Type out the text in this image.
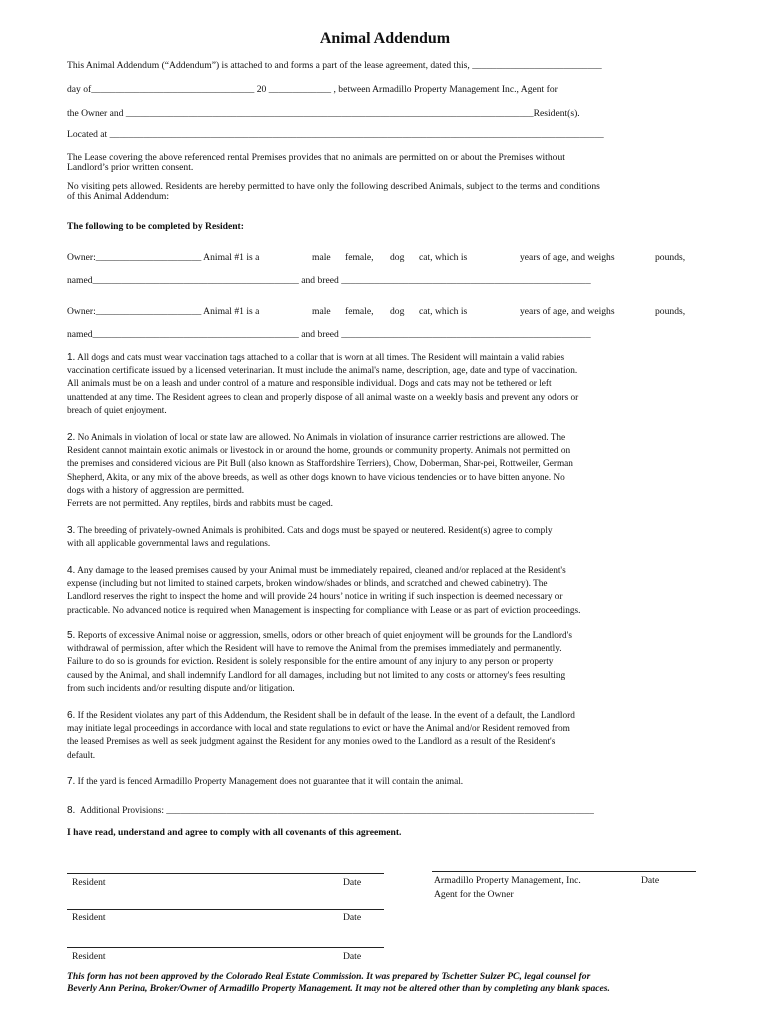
Animal Addendum
This Animal Addendum (“Addendum”) is attached to and forms a part of the lease agreement, dated this, ___________________________
day of__________________________________ 20 _____________ , between Armadillo Property Management Inc., Agent for
the Owner and _____________________________________________________________________________________Resident(s).
Located at _______________________________________________________________________________________________________
The Lease covering the above referenced rental Premises provides that no animals are permitted on or about the Premises without
Landlord’s prior written consent.
No visiting pets allowed. Residents are hereby permitted to have only the following described Animals, subject to the terms and conditions
of this Animal Addendum:
The following to be completed by Resident:
Owner:______________________ Animal #1 is a	male female, dog cat, which is	years of age, and weighs	pounds,
named___________________________________________ and breed ____________________________________________________
Owner:______________________ Animal #1 is a	male female, dog cat, which is	years of age, and weighs	pounds,
named___________________________________________ and breed ____________________________________________________
1. All dogs and cats must wear vaccination tags attached to a collar that is worn at all times. The Resident will maintain a valid rabies
vaccination certificate issued by a licensed veterinarian. It must include the animal's name, description, age, date and type of vaccination.
All animals must be on a leash and under control of a mature and responsible individual. Dogs and cats may not be tethered or left
unattended at any time. The Resident agrees to clean and properly dispose of all animal waste on a weekly basis and prevent any odors or
breach of quiet enjoyment.
2. No Animals in violation of local or state law are allowed. No Animals in violation of insurance carrier restrictions are allowed. The
Resident cannot maintain exotic animals or livestock in or around the home, grounds or community property. Animals not permitted on
the premises and considered vicious are Pit Bull (also known as Staffordshire Terriers), Chow, Doberman, Shar-pei, Rottweiler, German
Shepherd, Akita, or any mix of the above breeds, as well as other dogs known to have vicious tendencies or to have bitten anyone. No
dogs with a history of aggression are permitted.
Ferrets are not permitted. Any reptiles, birds and rabbits must be caged.
3. The breeding of privately-owned Animals is prohibited. Cats and dogs must be spayed or neutered. Resident(s) agree to comply
with all applicable governmental laws and regulations.
4. Any damage to the leased premises caused by your Animal must be immediately repaired, cleaned and/or replaced at the Resident's
expense (including but not limited to stained carpets, broken window/shades or blinds, and scratched and chewed cabinetry). The
Landlord reserves the right to inspect the home and will provide 24 hours’ notice in writing if such inspection is deemed necessary or
practicable. No advanced notice is required when Management is inspecting for compliance with Lease or as part of eviction proceedings.
5. Reports of excessive Animal noise or aggression, smells, odors or other breach of quiet enjoyment will be grounds for the Landlord's
withdrawal of permission, after which the Resident will have to remove the Animal from the premises immediately and permanently.
Failure to do so is grounds for eviction. Resident is solely responsible for the entire amount of any injury to any person or property
caused by the Animal, and shall indemnify Landlord for all damages, including but not limited to any costs or attorney's fees resulting
from such incidents and/or resulting dispute and/or litigation.
6. If the Resident violates any part of this Addendum, the Resident shall be in default of the lease. In the event of a default, the Landlord
may initiate legal proceedings in accordance with local and state regulations to evict or have the Animal and/or Resident removed from
the leased Premises as well as seek judgment against the Resident for any monies owed to the Landlord as a result of the Resident's
default.
7. If the yard is fenced Armadillo Property Management does not guarantee that it will contain the animal.
8. Additional Provisions: ____________________________________________________________________________________________
I have read, understand and agree to comply with all covenants of this agreement.
Resident	Date
Resident	Date
Resident	Date
Armadillo Property Management, Inc.	Date
Agent for the Owner
This form has not been approved by the Colorado Real Estate Commission. It was prepared by Tschetter Sulzer PC, legal counsel for
Beverly Ann Perina, Broker/Owner of Armadillo Property Management. It may not be altered other than by completing any blank spaces.
